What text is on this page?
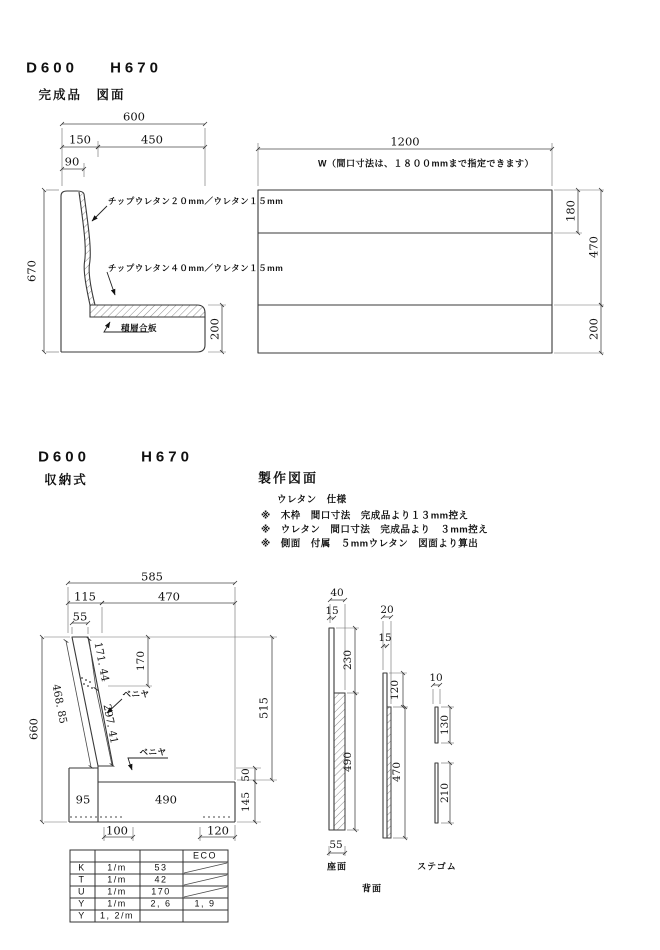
D600 H670
完成品　図面
600
150	450
90
670
200
1200
W（間口寸法は、１８００mmまで指定できます）
180
470
200
チップウレタン２０mm／ウレタン１５mm
チップウレタン４０mm／ウレタン１５mm
積層合板
D600	H670
収納式	製作図面
ウレタン　仕様
※　木枠　間口寸法　完成品より１３mm控え
※　ウレタン　間口寸法　完成品より　３mm控え
※　側面　付属　５mmウレタン　図面より算出
585
115	470
55
171. 44 170
468. 85	297. 41
660
515
50
145
95	490
100	120
ベニヤ
ベニヤ
40
15
230
490
55
座面
20
15
120
470
背面
10
130
210
ステゴム
ECO
K 1/m	53
T 1/m	42
U 1/m	170
Y 1/m	2, 6	1, 9
Y 1, 2/m
